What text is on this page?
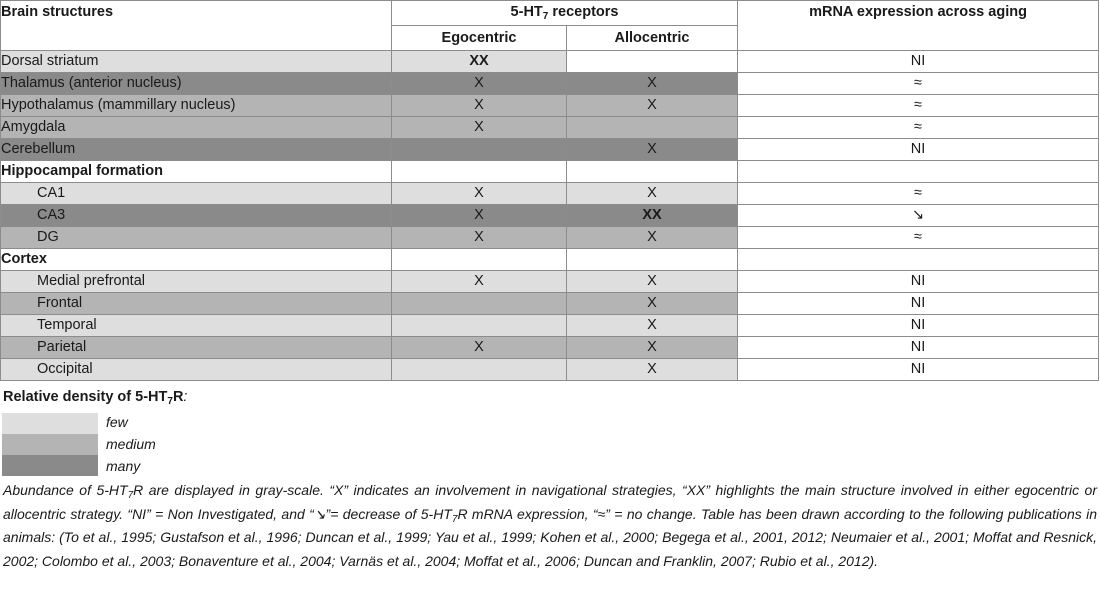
Brain structures	$5-HT_7$ receptors		mRNA expression across aging
	Egocentric	Allocentric	
Dorsal striatum	XX		NI
Thalamus (anterior nucleus)	X	X	≈
Hypothalamus (mammillary nucleus)	X	X	≈
Amygdala	X		≈
Cerebellum		X	NI
Hippocampal formation			
CA1	X	X	≈
CA3	X	XX	↘
DG	X	X	≈
Cortex			
Medial prefrontal	X	X	NI
Frontal		X	NI
Temporal		X	NI
Parietal	X	X	NI
Occipital		X	NI
Relative density of $5-HT_7R$:
few
medium
many
Abundance of $5-HT_7R$ are displayed in gray-scale. “X” indicates an involvement in navigational strategies, “XX” highlights the main structure involved in either egocentric or allocentric strategy. “NI” = Non Investigated, and “↘”= decrease of $5-HT_7R$ mRNA expression, “≈” = no change. Table has been drawn according to the following publications in animals: (To et al., 1995; Gustafson et al., 1996; Duncan et al., 1999; Yau et al., 1999; Kohen et al., 2000; Begega et al., 2001, 2012; Neumaier et al., 2001; Moffat and Resnick, 2002; Colombo et al., 2003; Bonaventure et al., 2004; Varnäs et al., 2004; Moffat et al., 2006; Duncan and Franklin, 2007; Rubio et al., 2012).
